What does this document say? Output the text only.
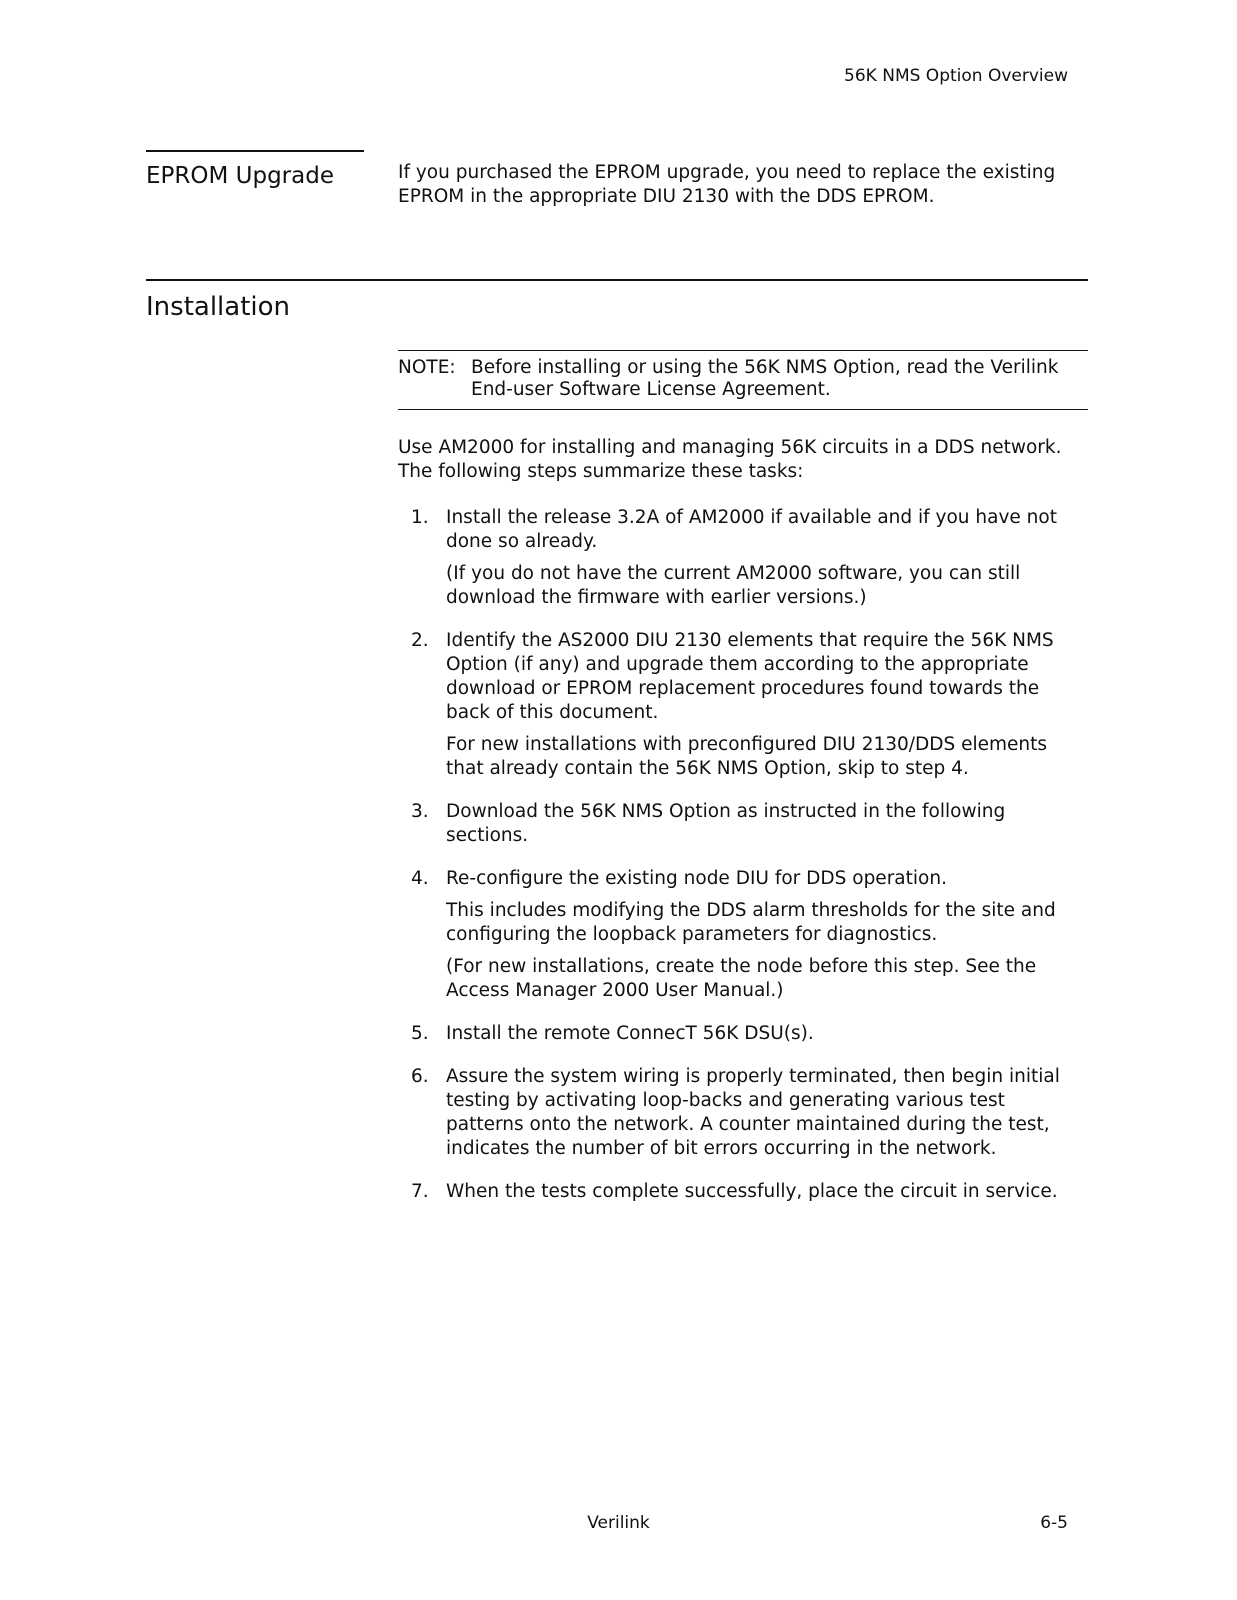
56K NMS Option Overview
EPROM Upgrade	If you purchased the EPROM upgrade, you need to replace the existing EPROM in the appropriate DIU 2130 with the DDS EPROM.
Installation
NOTE: Before installing or using the 56K NMS Option, read the Verilink End-user Software License Agreement.
Use AM2000 for installing and managing 56K circuits in a DDS network. The following steps summarize these tasks:
1. Install the release 3.2A of AM2000 if available and if you have not done so already.

(If you do not have the current AM2000 software, you can still download the firmware with earlier versions.)

2. Identify the AS2000 DIU 2130 elements that require the 56K NMS Option (if any) and upgrade them according to the appropriate download or EPROM replacement procedures found towards the back of this document.

For new installations with preconfigured DIU 2130/DDS elements that already contain the 56K NMS Option, skip to step 4.

3. Download the 56K NMS Option as instructed in the following sections.

4. Re-configure the existing node DIU for DDS operation.

This includes modifying the DDS alarm thresholds for the site and configuring the loopback parameters for diagnostics.

(For new installations, create the node before this step. See the Access Manager 2000 User Manual.)

5. Install the remote ConnecT 56K DSU(s).

6. Assure the system wiring is properly terminated, then begin initial testing by activating loop-backs and generating various test patterns onto the network. A counter maintained during the test, indicates the number of bit errors occurring in the network.

7. When the tests complete successfully, place the circuit in service.

Verilink	6-5
